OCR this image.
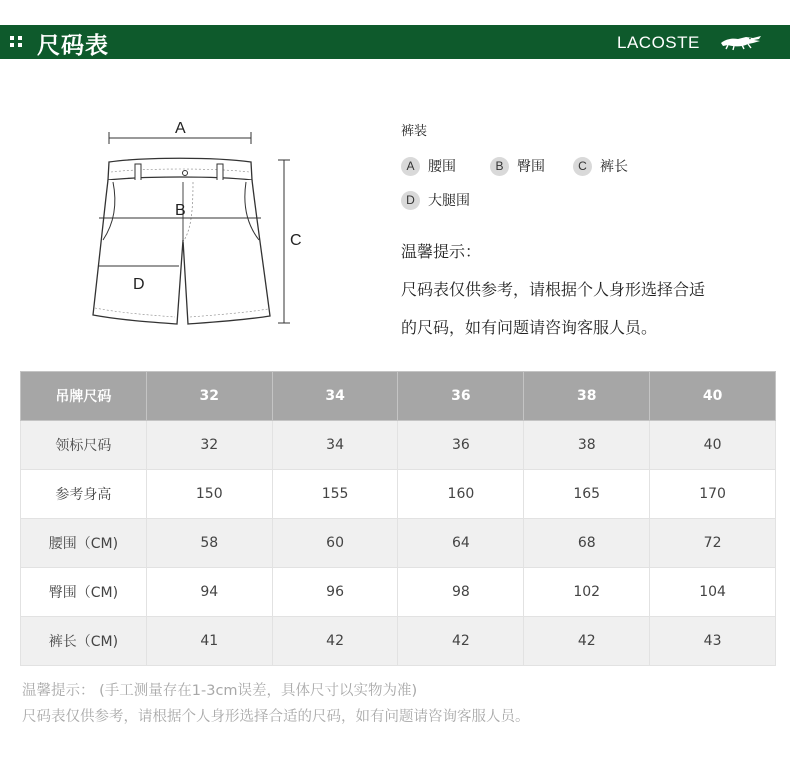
尺码表	LACOSTE
A
C
B
D
裤装
A 腰围	B 臀围	C 裤长
D 大腿围
温馨提示：
尺码表仅供参考，请根据个人身形选择合适
的尺码，如有问题请咨询客服人员。
吊牌尺码	32	34	36	38	40
领标尺码	32	34	36	38	40
参考身高	150	155	160	165	170
腰围（CM)	58	60	64	68	72
臀围（CM)	94	96	98	102	104
裤长（CM)	41	42	42	42	43
温馨提示： (手工测量存在1-3cm误差，具体尺寸以实物为准)
尺码表仅供参考，请根据个人身形选择合适的尺码，如有问题请咨询客服人员。
